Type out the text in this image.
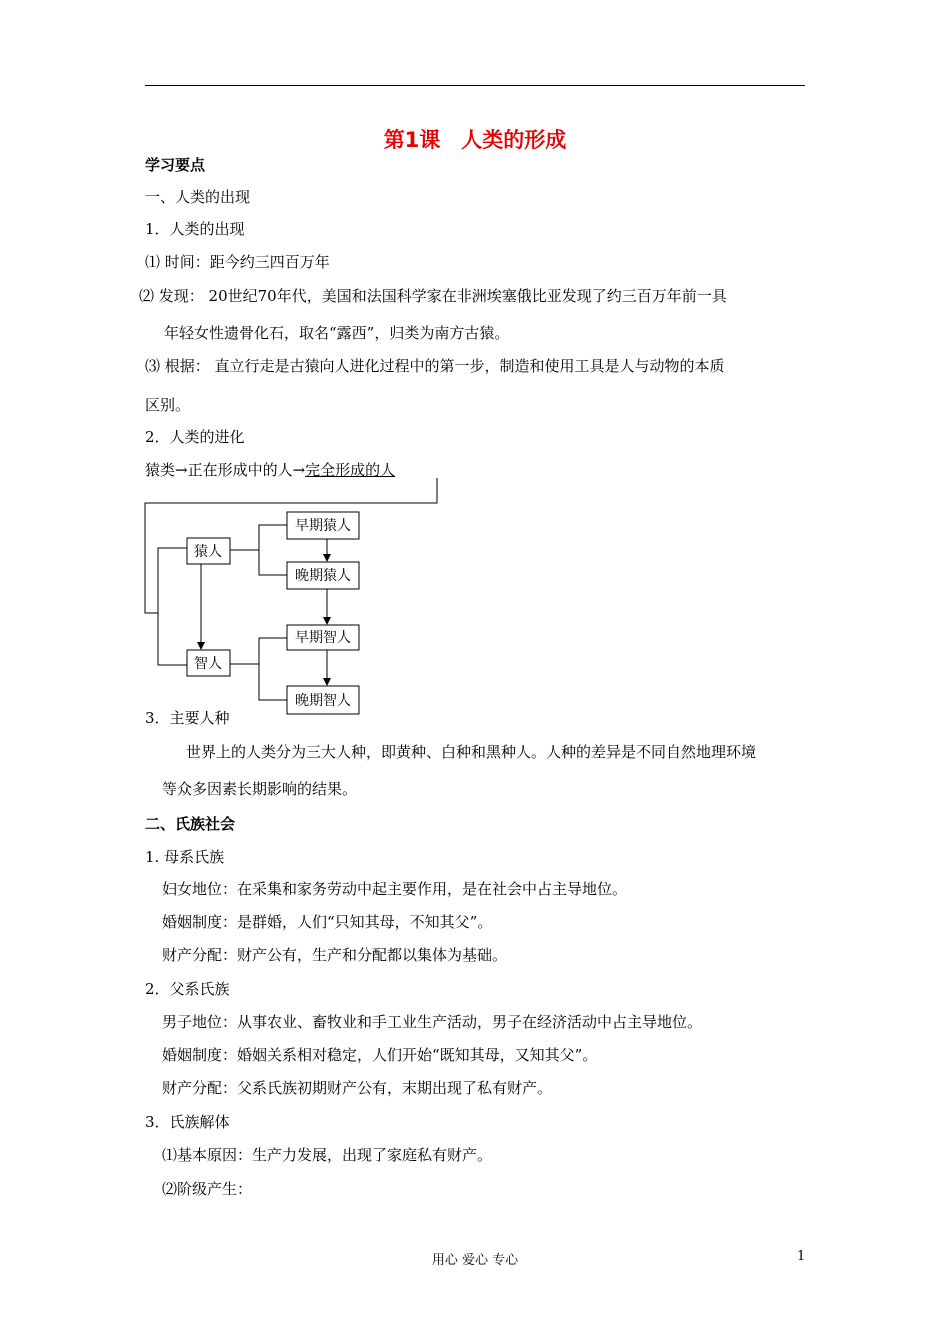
第1课　人类的形成
学习要点
一、人类的出现
1．人类的出现
⑴ 时间：距今约三四百万年
⑵ 发现： 20世纪70年代，美国和法国科学家在非洲埃塞俄比亚发现了约三百万年前一具
年轻女性遗骨化石，取名“露西”，归类为南方古猿。
⑶ 根据： 直立行走是古猿向人进化过程中的第一步，制造和使用工具是人与动物的本质
区别。
2．人类的进化
猿类→正在形成中的人→完全形成的人
猿人
早期猿人
晚期猿人
早期智人
智人
晚期智人
3．主要人种
世界上的人类分为三大人种，即黄种、白种和黑种人。人种的差异是不同自然地理环境
等众多因素长期影响的结果。
二、氏族社会
1. 母系氏族
妇女地位：在采集和家务劳动中起主要作用，是在社会中占主导地位。
婚姻制度：是群婚，人们“只知其母，不知其父”。
财产分配：财产公有，生产和分配都以集体为基础。
2．父系氏族
男子地位：从事农业、畜牧业和手工业生产活动，男子在经济活动中占主导地位。
婚姻制度：婚姻关系相对稳定，人们开始“既知其母，又知其父”。
财产分配：父系氏族初期财产公有，末期出现了私有财产。
3．氏族解体
⑴基本原因：生产力发展，出现了家庭私有财产。
⑵阶级产生：
用心 爱心 专心	1
